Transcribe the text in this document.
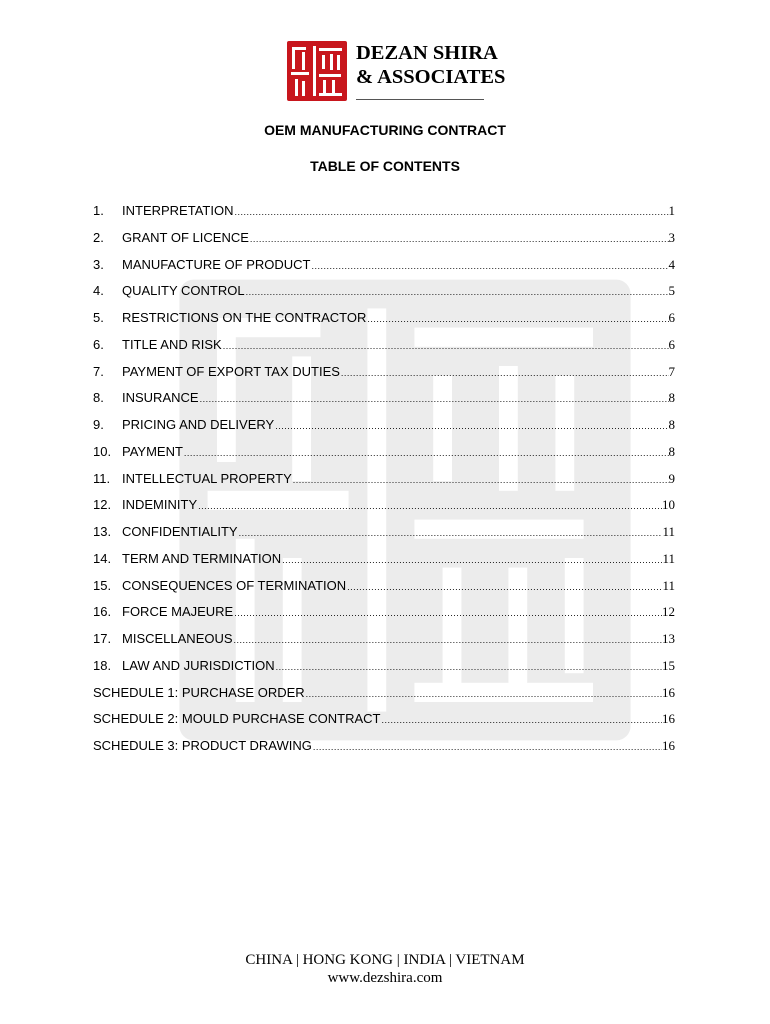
DEZAN SHIRA
& ASSOCIATES
OEM MANUFACTURING CONTRACT
TABLE OF CONTENTS
1.	INTERPRETATION .....	1
2.	GRANT OF LICENCE .....	3
3.	MANUFACTURE OF PRODUCT .....	4
4.	QUALITY CONTROL .....	5
5.	RESTRICTIONS ON THE CONTRACTOR .....	6
6.	TITLE AND RISK .....	6
7.	PAYMENT OF EXPORT TAX DUTIES .....	7
8.	INSURANCE .....	8
9.	PRICING AND DELIVERY .....	8
10. PAYMENT .....	8
11. INTELLECTUAL PROPERTY .....	9
12. INDEMINITY .....	10
13. CONFIDENTIALITY .....	11
14. TERM AND TERMINATION .....	11
15. CONSEQUENCES OF TERMINATION .....	11
16. FORCE MAJEURE .....	12
17. MISCELLANEOUS .....	13
18. LAW AND JURISDICTION .....	15
SCHEDULE 1: PURCHASE ORDER .....	16
SCHEDULE 2: MOULD PURCHASE CONTRACT .....	16
SCHEDULE 3: PRODUCT DRAWING .....	16
CHINA | HONG KONG | INDIA | VIETNAM
www.dezshira.com
